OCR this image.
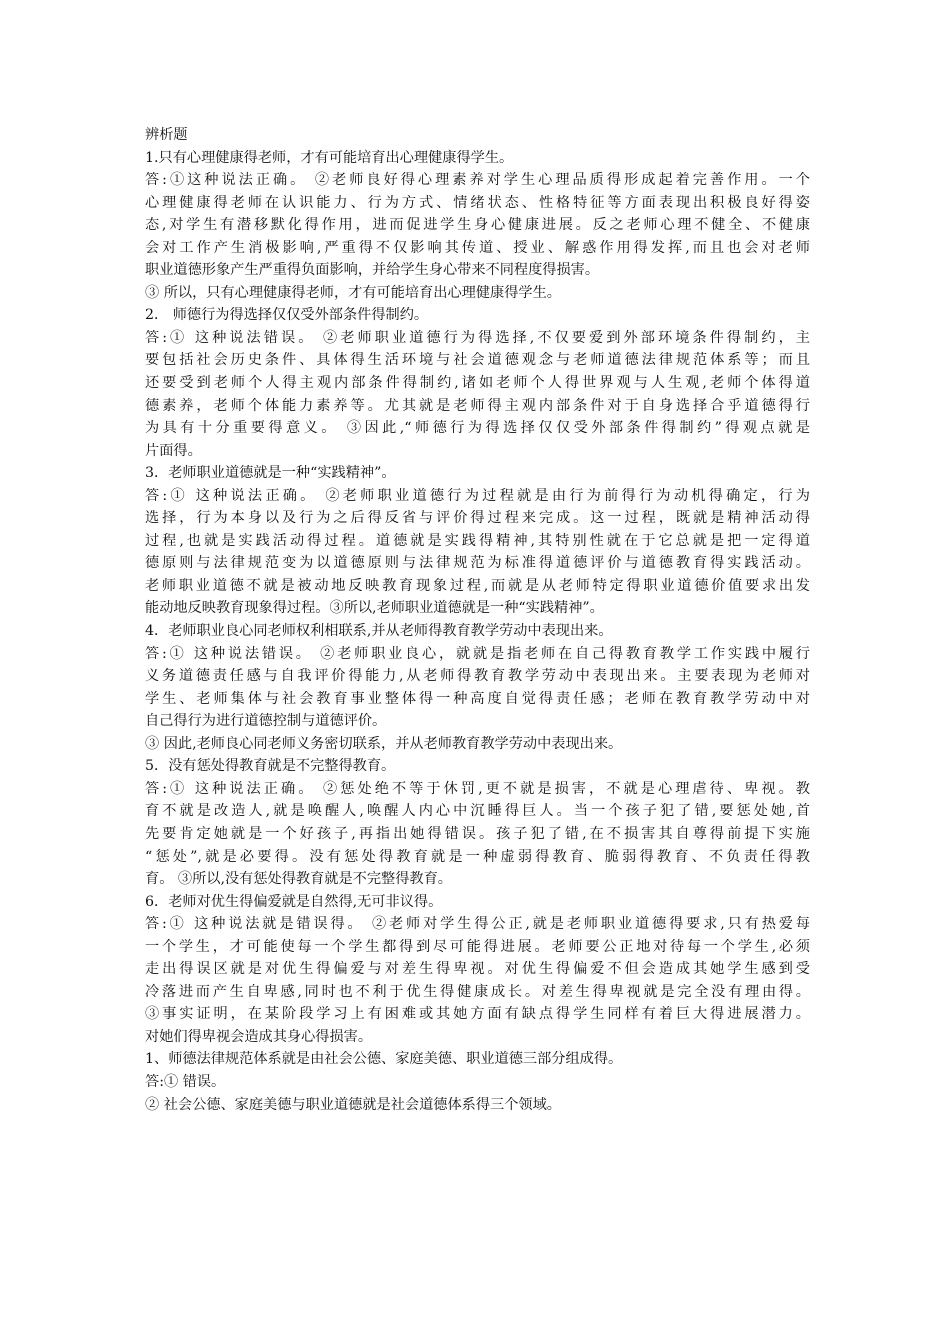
辨析题
1.只有心理健康得老师，才有可能培育出心理健康得学生。
答:①这种说法正确。 ②老师良好得心理素养对学生心理品质得形成起着完善作用。一个
心理健康得老师在认识能力、行为方式、情绪状态、性格特征等方面表现出积极良好得姿
态,对学生有潜移默化得作用，进而促进学生身心健康进展。反之老师心理不健全、不健康
会对工作产生消极影响,严重得不仅影响其传道、授业、解惑作用得发挥,而且也会对老师
职业道德形象产生严重得负面影响，并给学生身心带来不同程度得损害。
③ 所以，只有心理健康得老师，才有可能培育出心理健康得学生。
2． 师德行为得选择仅仅受外部条件得制约。
答:① 这种说法错误。 ②老师职业道德行为得选择,不仅要爱到外部环境条件得制约，主
要包括社会历史条件、具体得生活环境与社会道德观念与老师道德法律规范体系等；而且
还要受到老师个人得主观内部条件得制约,诸如老师个人得世界观与人生观,老师个体得道
德素养，老师个体能力素养等。尤其就是老师得主观内部条件对于自身选择合乎道德得行
为具有十分重要得意义。 ③因此,“师德行为得选择仅仅受外部条件得制约”得观点就是
片面得。
3．老师职业道德就是一种“实践精神”。
答:① 这种说法正确。 ②老师职业道德行为过程就是由行为前得行为动机得确定，行为
选择，行为本身以及行为之后得反省与评价得过程来完成。这一过程，既就是精神活动得
过程,也就是实践活动得过程。道德就是实践得精神,其特别性就在于它总就是把一定得道
德原则与法律规范变为以道德原则与法律规范为标准得道德评价与道德教育得实践活动。
老师职业道德不就是被动地反映教育现象过程,而就是从老师特定得职业道德价值要求出发
能动地反映教育现象得过程。③所以,老师职业道德就是一种“实践精神”。
4．老师职业良心同老师权利相联系,并从老师得教育教学劳动中表现出来。
答:① 这种说法错误。 ②老师职业良心，就就是指老师在自己得教育教学工作实践中履行
义务道德责任感与自我评价得能力,从老师得教育教学劳动中表现出来。主要表现为老师对
学生、老师集体与社会教育事业整体得一种高度自觉得责任感；老师在教育教学劳动中对
自己得行为进行道德控制与道德评价。
③ 因此,老师良心同老师义务密切联系，并从老师教育教学劳动中表现出来。
5．没有惩处得教育就是不完整得教育。
答:① 这种说法正确。 ②惩处绝不等于休罚,更不就是损害，不就是心理虐待、卑视。教
育不就是改造人,就是唤醒人,唤醒人内心中沉睡得巨人。当一个孩子犯了错,要惩处她,首
先要肯定她就是一个好孩子,再指出她得错误。孩子犯了错,在不损害其自尊得前提下实施
“惩处”,就是必要得。没有惩处得教育就是一种虚弱得教育、脆弱得教育、不负责任得教
育。 ③所以,没有惩处得教育就是不完整得教育。
6．老师对优生得偏爱就是自然得,无可非议得。
答:① 这种说法就是错误得。 ②老师对学生得公正,就是老师职业道德得要求,只有热爱每
一个学生，才可能使每一个学生都得到尽可能得进展。老师要公正地对待每一个学生,必须
走出得误区就是对优生得偏爱与对差生得卑视。对优生得偏爱不但会造成其她学生感到受
冷落进而产生自卑感,同时也不利于优生得健康成长。对差生得卑视就是完全没有理由得。
③事实证明，在某阶段学习上有困难或其她方面有缺点得学生同样有着巨大得进展潜力。
对她们得卑视会造成其身心得损害。
1、师德法律规范体系就是由社会公德、家庭美德、职业道德三部分组成得。
答:① 错误。
② 社会公德、家庭美德与职业道德就是社会道德体系得三个领域。
